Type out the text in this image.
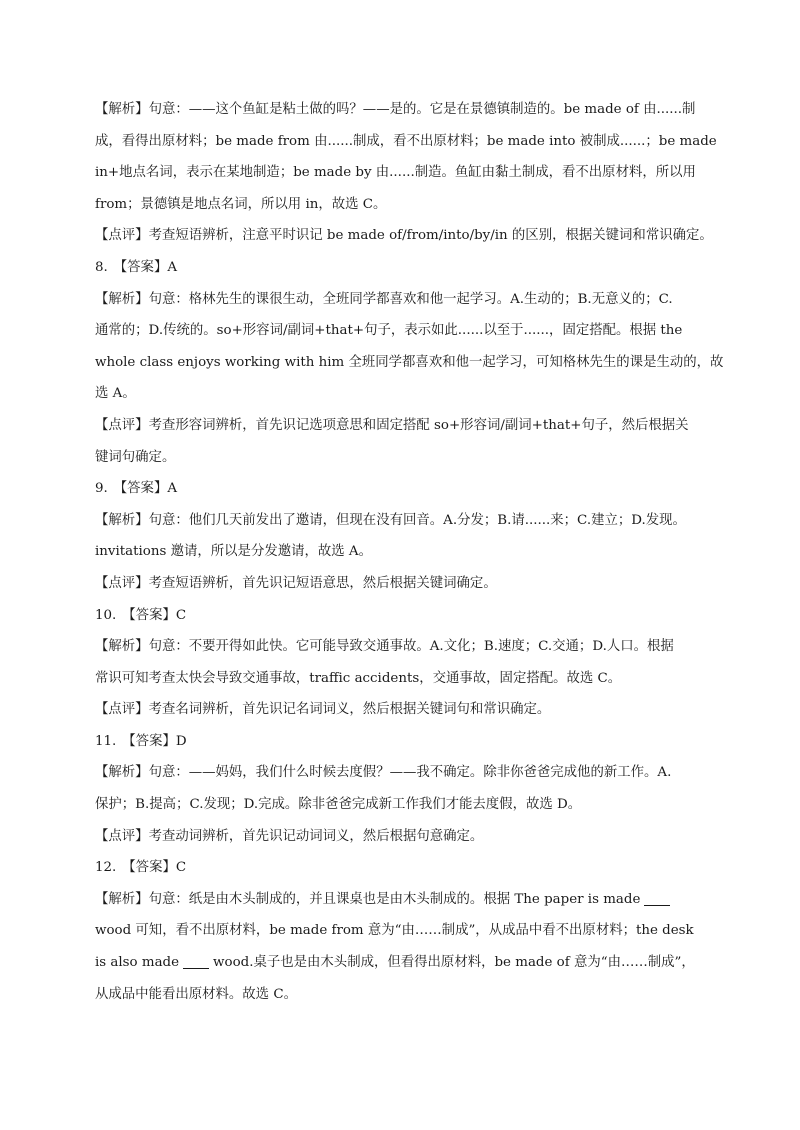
【解析】句意：——这个鱼缸是粘土做的吗？——是的。它是在景德镇制造的。be made of 由......制
成，看得出原材料；be made from 由......制成，看不出原材料；be made into 被制成......；be made
in+地点名词，表示在某地制造；be made by 由......制造。鱼缸由黏土制成，看不出原材料，所以用
from；景德镇是地点名词，所以用 in，故选 C。
【点评】考查短语辨析，注意平时识记 be made of/from/into/by/in 的区别，根据关键词和常识确定。
8. 【答案】A
【解析】句意：格林先生的课很生动，全班同学都喜欢和他一起学习。A.生动的；B.无意义的；C.
通常的；D.传统的。so+形容词/副词+that+句子，表示如此......以至于......，固定搭配。根据 the
whole class enjoys working with him 全班同学都喜欢和他一起学习，可知格林先生的课是生动的，故
选 A。
【点评】考查形容词辨析，首先识记选项意思和固定搭配 so+形容词/副词+that+句子，然后根据关
键词句确定。
9. 【答案】A
【解析】句意：他们几天前发出了邀请，但现在没有回音。A.分发；B.请......来；C.建立；D.发现。
invitations 邀请，所以是分发邀请，故选 A。
【点评】考查短语辨析，首先识记短语意思，然后根据关键词确定。
10. 【答案】C
【解析】句意：不要开得如此快。它可能导致交通事故。A.文化；B.速度；C.交通；D.人口。根据
常识可知考查太快会导致交通事故，traffic accidents，交通事故，固定搭配。故选 C。
【点评】考查名词辨析，首先识记名词词义，然后根据关键词句和常识确定。
11. 【答案】D
【解析】句意：——妈妈，我们什么时候去度假？——我不确定。除非你爸爸完成他的新工作。A.
保护；B.提高；C.发现；D.完成。除非爸爸完成新工作我们才能去度假，故选 D。
【点评】考查动词辨析，首先识记动词词义，然后根据句意确定。
12. 【答案】C
【解析】句意：纸是由木头制成的，并且课桌也是由木头制成的。根据 The paper is made
wood 可知，看不出原材料，be made from 意为“由……制成”，从成品中看不出原材料；the desk
is also made	wood.桌子也是由木头制成，但看得出原材料，be made of 意为“由……制成”，
从成品中能看出原材料。故选 C。
